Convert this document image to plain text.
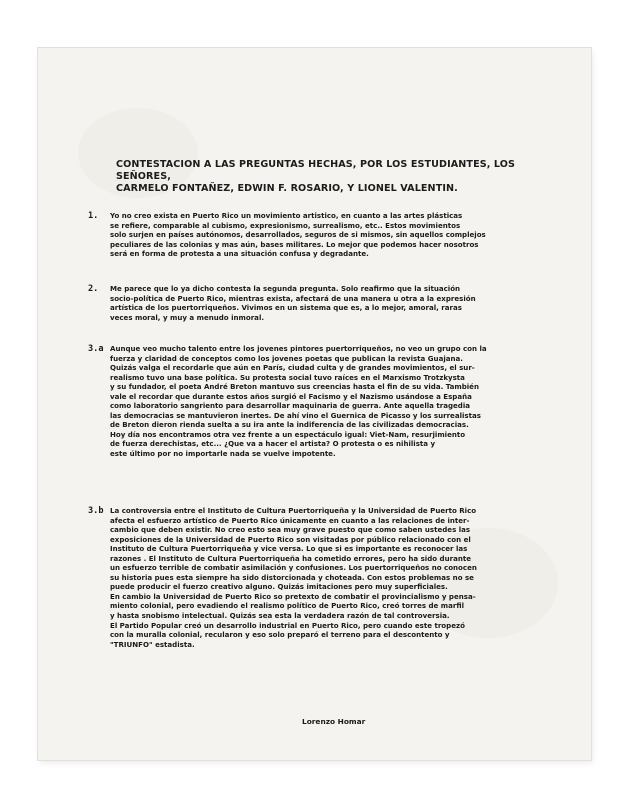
CONTESTACION A LAS PREGUNTAS HECHAS, POR LOS ESTUDIANTES, LOS SEÑORES,
CARMELO FONTAÑEZ, EDWIN F. ROSARIO, Y LIONEL VALENTIN.
1. Yo no creo exista en Puerto Rico un movimiento artistico, en cuanto a las artes plásticas
se refiere, comparable al cubismo, expresionismo, surrealismo, etc.. Estos movimientos
solo surjen en países autónomos, desarrollados, seguros de si mismos, sin aquellos complejos
peculiares de las colonias y mas aún, bases militares. Lo mejor que podemos hacer nosotros
será en forma de protesta a una situación confusa y degradante.
2. Me parece que lo ya dicho contesta la segunda pregunta. Solo reafirmo que la situación
socio-política de Puerto Rico, mientras exista, afectará de una manera u otra a la expresión
artística de los puertorriqueños. Vivimos en un sistema que es, a lo mejor, amoral, raras
veces moral, y muy a menudo inmoral.
3.a Aunque veo mucho talento entre los jovenes pintores puertorriqueños, no veo un grupo con la
fuerza y claridad de conceptos como los jovenes poetas que publican la revista Guajana.
Quizás valga el recordarle que aún en París, ciudad culta y de grandes movimientos, el sur-
realismo tuvo una base política. Su protesta social tuvo raíces en el Marxismo Trotzkysta
y su fundador, el poeta André Breton mantuvo sus creencias hasta el fin de su vida. También
vale el recordar que durante estos años surgió el Facismo y el Nazismo usándose a España
como laboratorio sangriento para desarrollar maquinaria de guerra. Ante aquella tragedia
las democracias se mantuvieron inertes. De ahí vino el Guernica de Picasso y los surrealistas
de Breton dieron rienda suelta a su ira ante la indiferencia de las civilizadas democracias.
Hoy día nos encontramos otra vez frente a un espectáculo igual: Viet-Nam, resurjimiento
de fuerza derechistas, etc... ¿Que va a hacer el artista? O protesta o es nihilista y
este último por no importarle nada se vuelve impotente.
3.b La controversia entre el Instituto de Cultura Puertorriqueña y la Universidad de Puerto Rico
afecta el esfuerzo artístico de Puerto Rico únicamente en cuanto a las relaciones de inter-
cambio que deben existir. No creo esto sea muy grave puesto que como saben ustedes las
exposiciones de la Universidad de Puerto Rico son visitadas por público relacionado con el
Instituto de Cultura Puertorriqueña y vice versa. Lo que si es importante es reconocer las
razones . El Instituto de Cultura Puertorriqueña ha cometido errores, pero ha sido durante
un esfuerzo terrible de combatir asimilación y confusiones. Los puertorriqueños no conocen
su historia pues esta siempre ha sido distorcionada y choteada. Con estos problemas no se
puede producir el fuerzo creativo alguno. Quizás imitaciones pero muy superficiales.
En cambio la Universidad de Puerto Rico so pretexto de combatir el provincialismo y pensa-
miento colonial, pero evadiendo el realismo político de Puerto Rico, creó torres de marfil
y hasta snobismo intelectual. Quizás sea esta la verdadera razón de tal controversia.
El Partido Popular creó un desarrollo industrial en Puerto Rico, pero cuando este tropezó
con la muralla colonial, recularon y eso solo preparó el terreno para el descontento y
"TRIUNFO" estadista.
Lorenzo Homar
